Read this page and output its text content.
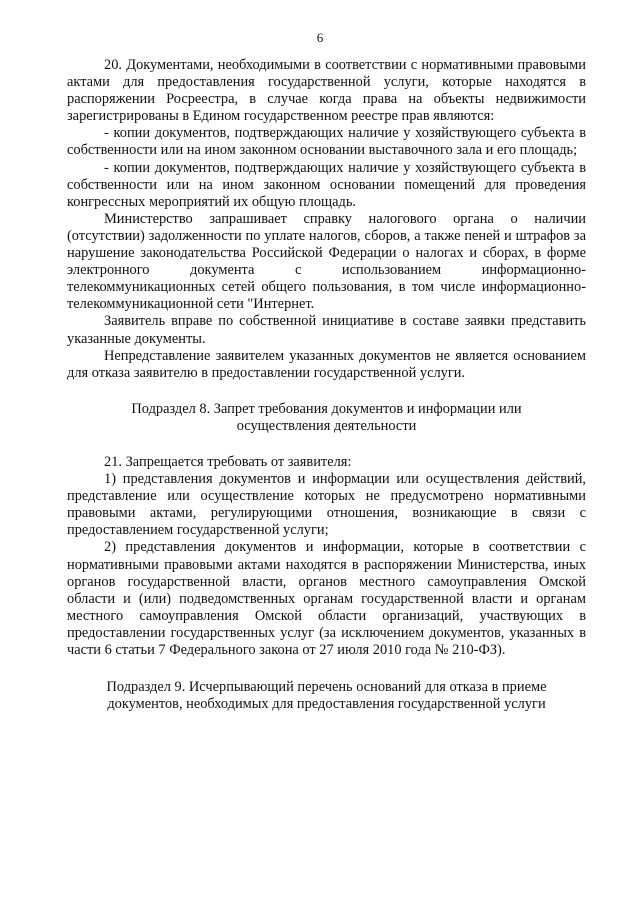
6

20. Документами, необходимыми в соответствии с нормативными правовыми актами для предоставления государственной услуги, которые находятся в распоряжении Росреестра, в случае когда права на объекты недвижимости зарегистрированы в Едином государственном реестре прав являются:

- копии документов, подтверждающих наличие у хозяйствующего субъекта в собственности или на ином законном основании выставочного зала и его площадь;

- копии документов, подтверждающих наличие у хозяйствующего субъекта в собственности или на ином законном основании помещений для проведения конгрессных мероприятий их общую площадь.

Министерство запрашивает справку налогового органа о наличии (отсутствии) задолженности по уплате налогов, сборов, а также пеней и штрафов за нарушение законодательства Российской Федерации о налогах и сборах, в форме электронного документа с использованием информационно-телекоммуникационных сетей общего пользования, в том числе информационно-телекоммуникационной сети "Интернет.

Заявитель вправе по собственной инициативе в составе заявки представить указанные документы.

Непредставление заявителем указанных документов не является основанием для отказа заявителю в предоставлении государственной услуги.

Подраздел 8. Запрет требования документов и информации или осуществления деятельности

21. Запрещается требовать от заявителя:

1) представления документов и информации или осуществления действий, представление или осуществление которых не предусмотрено нормативными правовыми актами, регулирующими отношения, возникающие в связи с предоставлением государственной услуги;

2) представления документов и информации, которые в соответствии с нормативными правовыми актами находятся в распоряжении Министерства, иных органов государственной власти, органов местного самоуправления Омской области и (или) подведомственных органам государственной власти и органам местного самоуправления Омской области организаций, участвующих в предоставлении государственных услуг (за исключением документов, указанных в части 6 статьи 7 Федерального закона от 27 июля 2010 года № 210-ФЗ).

Подраздел 9. Исчерпывающий перечень оснований для отказа в приеме документов, необходимых для предоставления государственной услуги
